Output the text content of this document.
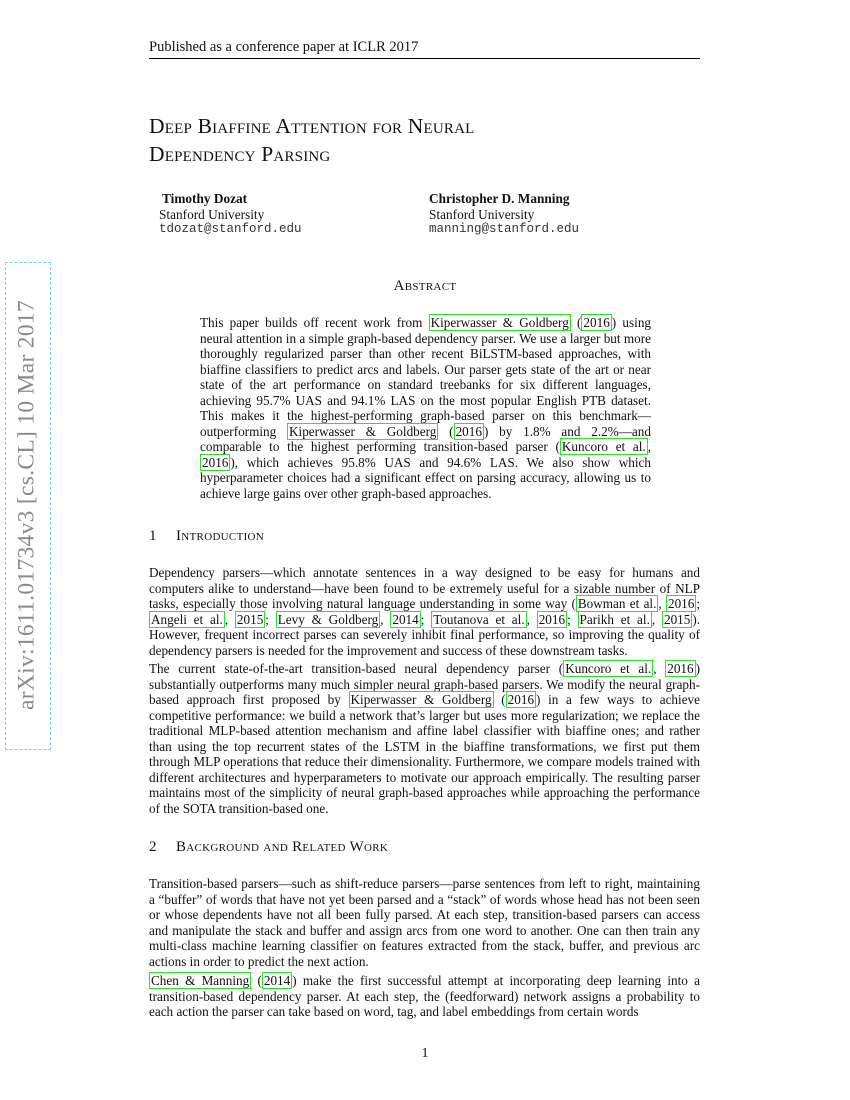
Published as a conference paper at ICLR 2017
Deep Biaffine Attention for Neural
Dependency Parsing
Timothy Dozat
Stanford University
tdozat@stanford.edu
Christopher D. Manning
Stanford University
manning@stanford.edu
Abstract
This paper builds off recent work from Kiperwasser & Goldberg ( 2016 ) using neural attention in a simple graph-based dependency parser. We use a larger but more thoroughly regularized parser than other recent BiLSTM-based approaches, with biaffine classifiers to predict arcs and labels. Our parser gets state of the art or near state of the art performance on standard treebanks for six different languages, achieving 95.7% UAS and 94.1% LAS on the most popular English PTB dataset. This makes it the highest-performing graph-based parser on this benchmark—outperforming Kiperwasser & Goldberg ( 2016 ) by 1.8% and 2.2%—and comparable to the highest performing transition-based parser ( Kuncoro et al. , 2016 ), which achieves 95.8% UAS and 94.6% LAS. We also show which hyperparameter choices had a significant effect on parsing accuracy, allowing us to achieve large gains over other graph-based approaches.
1 Introduction
Dependency parsers—which annotate sentences in a way designed to be easy for humans and computers alike to understand—have been found to be extremely useful for a sizable number of NLP tasks, especially those involving natural language understanding in some way ( Bowman et al. , 2016 ; Angeli et al. , 2015 ; Levy & Goldberg , 2014 ; Toutanova et al. , 2016 ; Parikh et al. , 2015 ). However, frequent incorrect parses can severely inhibit final performance, so improving the quality of dependency parsers is needed for the improvement and success of these downstream tasks.
The current state-of-the-art transition-based neural dependency parser ( Kuncoro et al. , 2016 ) substantially outperforms many much simpler neural graph-based parsers. We modify the neural graph-based approach first proposed by Kiperwasser & Goldberg ( 2016 ) in a few ways to achieve competitive performance: we build a network that’s larger but uses more regularization; we replace the traditional MLP-based attention mechanism and affine label classifier with biaffine ones; and rather than using the top recurrent states of the LSTM in the biaffine transformations, we first put them through MLP operations that reduce their dimensionality. Furthermore, we compare models trained with different architectures and hyperparameters to motivate our approach empirically. The resulting parser maintains most of the simplicity of neural graph-based approaches while approaching the performance of the SOTA transition-based one.
2 Background and Related Work
Transition-based parsers—such as shift-reduce parsers—parse sentences from left to right, maintaining a “buffer” of words that have not yet been parsed and a “stack” of words whose head has not been seen or whose dependents have not all been fully parsed. At each step, transition-based parsers can access and manipulate the stack and buffer and assign arcs from one word to another. One can then train any multi-class machine learning classifier on features extracted from the stack, buffer, and previous arc actions in order to predict the next action.
Chen & Manning ( 2014 ) make the first successful attempt at incorporating deep learning into a transition-based dependency parser. At each step, the (feedforward) network assigns a probability to each action the parser can take based on word, tag, and label embeddings from certain words
arXiv:1611.01734v3 [cs.CL] 10 Mar 2017
1
